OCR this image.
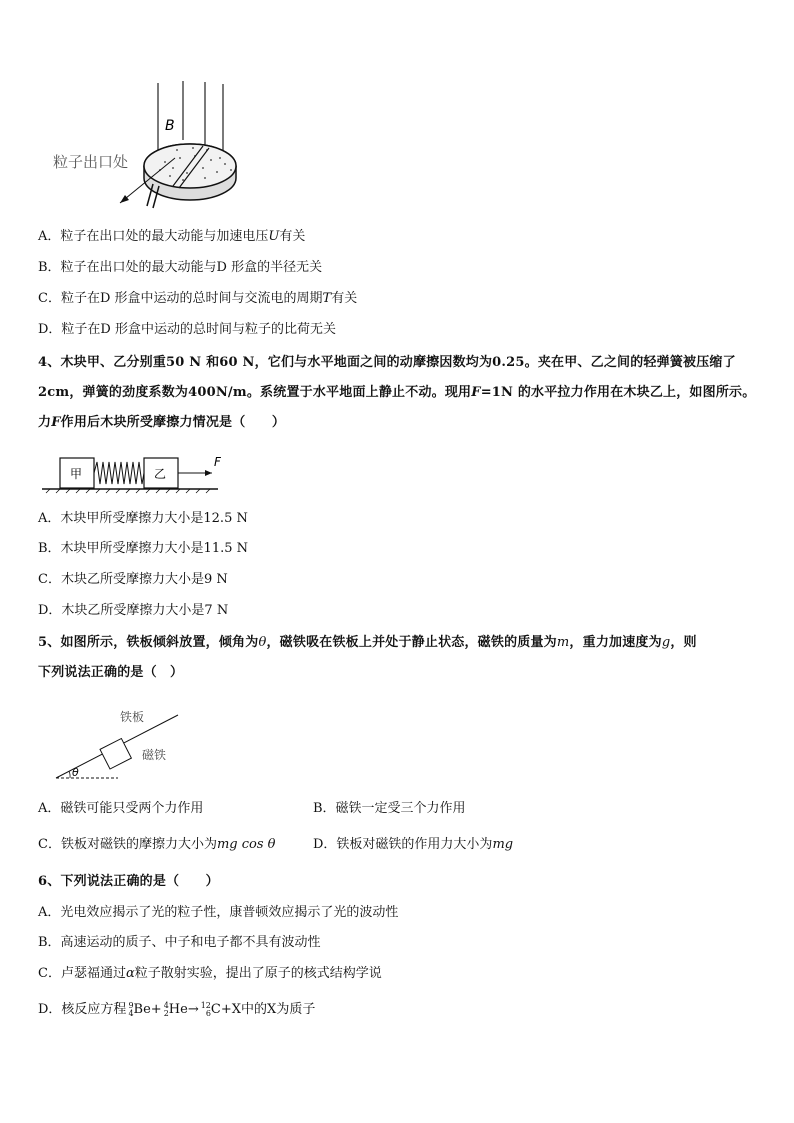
B
粒子出口处
A．粒子在出口处的最大动能与加速电压U有关
B．粒子在出口处的最大动能与D 形盒的半径无关
C．粒子在D 形盒中运动的总时间与交流电的周期T有关
D．粒子在D 形盒中运动的总时间与粒子的比荷无关
4、木块甲、乙分别重50 N 和60 N，它们与水平地面之间的动摩擦因数均为0.25。夹在甲、乙之间的轻弹簧被压缩了
2cm，弹簧的劲度系数为400N/m。系统置于水平地面上静止不动。现用F=1N 的水平拉力作用在木块乙上，如图所示。
力F作用后木块所受摩擦力情况是（　　）
甲	乙
F
A．木块甲所受摩擦力大小是12.5 N
B．木块甲所受摩擦力大小是11.5 N
C．木块乙所受摩擦力大小是9 N
D．木块乙所受摩擦力大小是7 N
5、如图所示，铁板倾斜放置，倾角为θ，磁铁吸在铁板上并处于静止状态，磁铁的质量为m，重力加速度为g，则
下列说法正确的是（　）
铁板
磁铁
θ
A．磁铁可能只受两个力作用	B．磁铁一定受三个力作用
C．铁板对磁铁的摩擦力大小为mg cos θ	D．铁板对磁铁的作用力大小为mg
6、下列说法正确的是（　　）
A．光电效应揭示了光的粒子性，康普顿效应揭示了光的波动性
B．高速运动的质子、中子和电子都不具有波动性
C．卢瑟福通过α粒子散射实验，提出了原子的核式结构学说
D．核反应方程 9
4 Be+ 4
2 He→ 12
6 C+X中的X为质子
